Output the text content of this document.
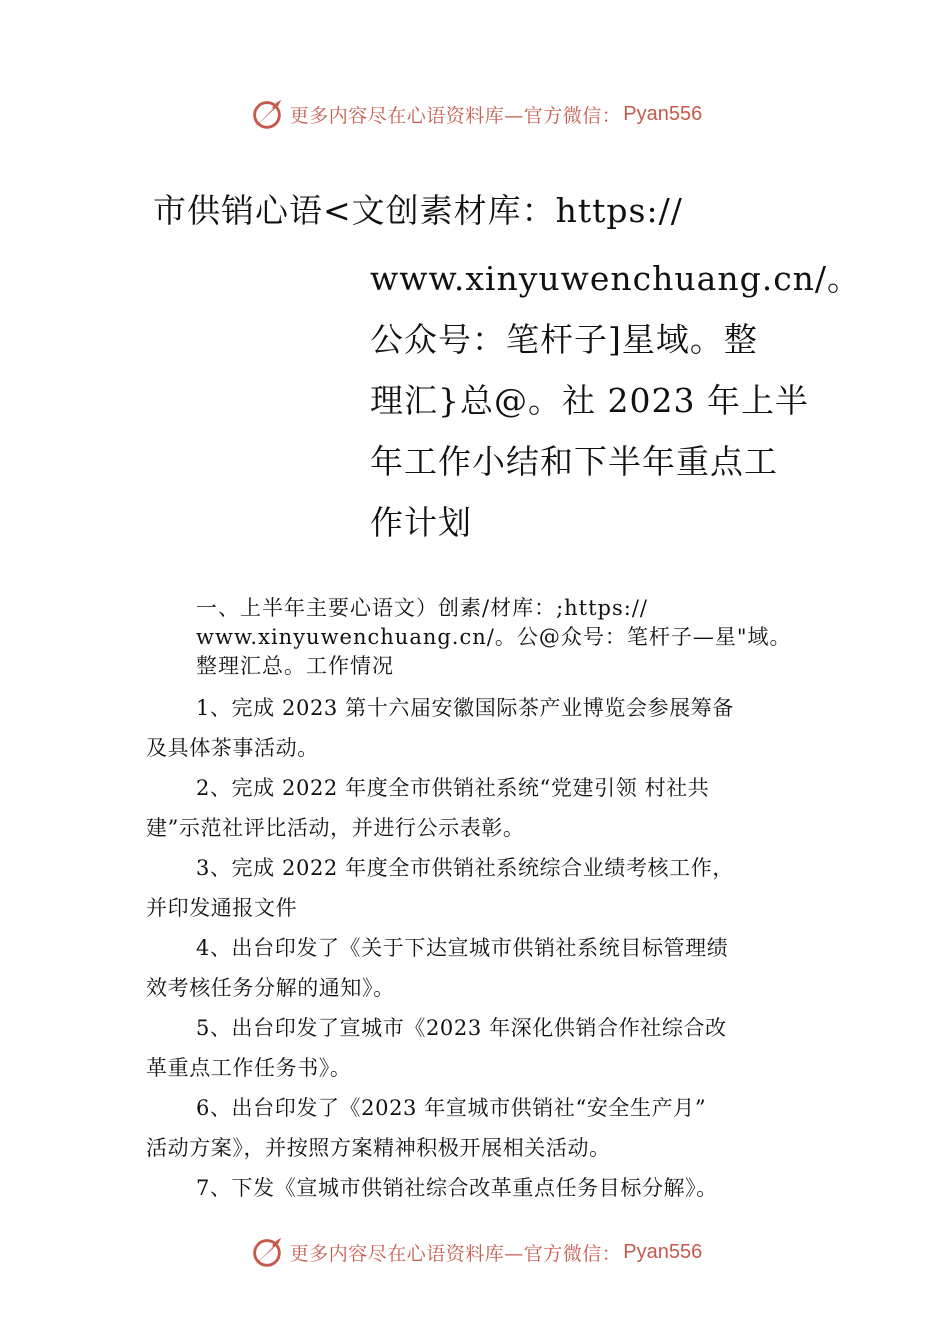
更多内容尽在心语资料库—官方微信： Pyan556
市供销心语<文创素材库：https://
www.xinyuwenchuang.cn/。
公众号：笔杆子]星域。整
理汇}总@。社 2023 年上半
年工作小结和下半年重点工
作计划
一、上半年主要心语文）创素/材库：;https://
www.xinyuwenchuang.cn/。公@众号：笔杆子—星"域。
整理汇总。工作情况
1、完成 2023 第十六届安徽国际茶产业博览会参展筹备
及具体茶事活动。
2、完成 2022 年度全市供销社系统“党建引领 村社共
建”示范社评比活动，并进行公示表彰。
3、完成 2022 年度全市供销社系统综合业绩考核工作，
并印发通报文件
4、出台印发了《关于下达宣城市供销社系统目标管理绩
效考核任务分解的通知》。
5、出台印发了宣城市《2023 年深化供销合作社综合改
革重点工作任务书》。
6、出台印发了《2023 年宣城市供销社“安全生产月”
活动方案》，并按照方案精神积极开展相关活动。
7、下发《宣城市供销社综合改革重点任务目标分解》。
更多内容尽在心语资料库—官方微信： Pyan556
